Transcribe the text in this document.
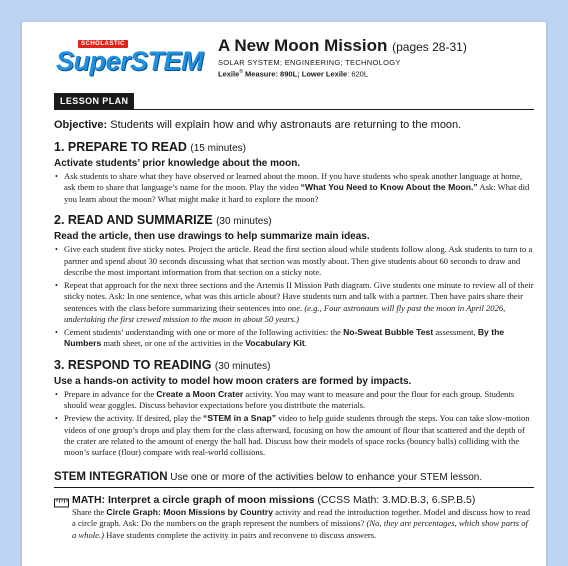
SCHOLASTIC
SuperSTEM
A New Moon Mission (pages 28-31)
SOLAR SYSTEM; ENGINEERING; TECHNOLOGY
Lexile® Measure: 890L; Lower Lexile: 620L
LESSON PLAN

Objective: Students will explain how and why astronauts are returning to the moon.

1. PREPARE TO READ (15 minutes)
Activate students’ prior knowledge about the moon.
• Ask students to share what they have observed or learned about the moon. If you have students who speak another language at home, ask them to share that language’s name for the moon. Play the video “What You Need to Know About the Moon.” Ask: What did you learn about the moon? What might make it hard to explore the moon?
2. READ AND SUMMARIZE (30 minutes)
Read the article, then use drawings to help summarize main ideas.
• Give each student five sticky notes. Project the article. Read the first section aloud while students follow along. Ask students to turn to a partner and spend about 30 seconds discussing what that section was mostly about. Then give students about 60 seconds to draw and describe the most important information from that section on a sticky note.
• Repeat that approach for the next three sections and the Artemis II Mission Path diagram. Give students one minute to review all of their sticky notes. Ask: In one sentence, what was this article about? Have students turn and talk with a partner. Then have pairs share their sentences with the class before summarizing their sentences into one. (e.g., Four astronauts will fly past the moon in April 2026, undertaking the first crewed mission to the moon in about 50 years.)
• Cement students’ understanding with one or more of the following activities: the No-Sweat Bubble Test assessment, By the Numbers math sheet, or one of the activities in the Vocabulary Kit.
3. RESPOND TO READING (30 minutes)
Use a hands-on activity to model how moon craters are formed by impacts.
• Prepare in advance for the Create a Moon Crater activity. You may want to measure and pour the flour for each group. Students should wear goggles. Discuss behavior expectations before you distribute the materials.
• Preview the activity. If desired, play the “STEM in a Snap” video to help guide students through the steps. You can take slow-motion videos of one group’s drops and play them for the class afterward, focusing on how the amount of flour that scattered and the depth of the crater are related to the amount of energy the ball had. Discuss how their models of space rocks (bouncy balls) colliding with the moon’s surface (flour) compare with real-world collisions.
STEM INTEGRATION Use one or more of the activities below to enhance your STEM lesson.
MATH: Interpret a circle graph of moon missions (CCSS Math: 3.MD.B.3, 6.SP.B.5)
Share the Circle Graph: Moon Missions by Country activity and read the introduction together. Model and discuss how to read a circle graph. Ask: Do the numbers on the graph represent the numbers of missions? (No, they are percentages, which show parts of a whole.) Have students complete the activity in pairs and reconvene to discuss answers.
